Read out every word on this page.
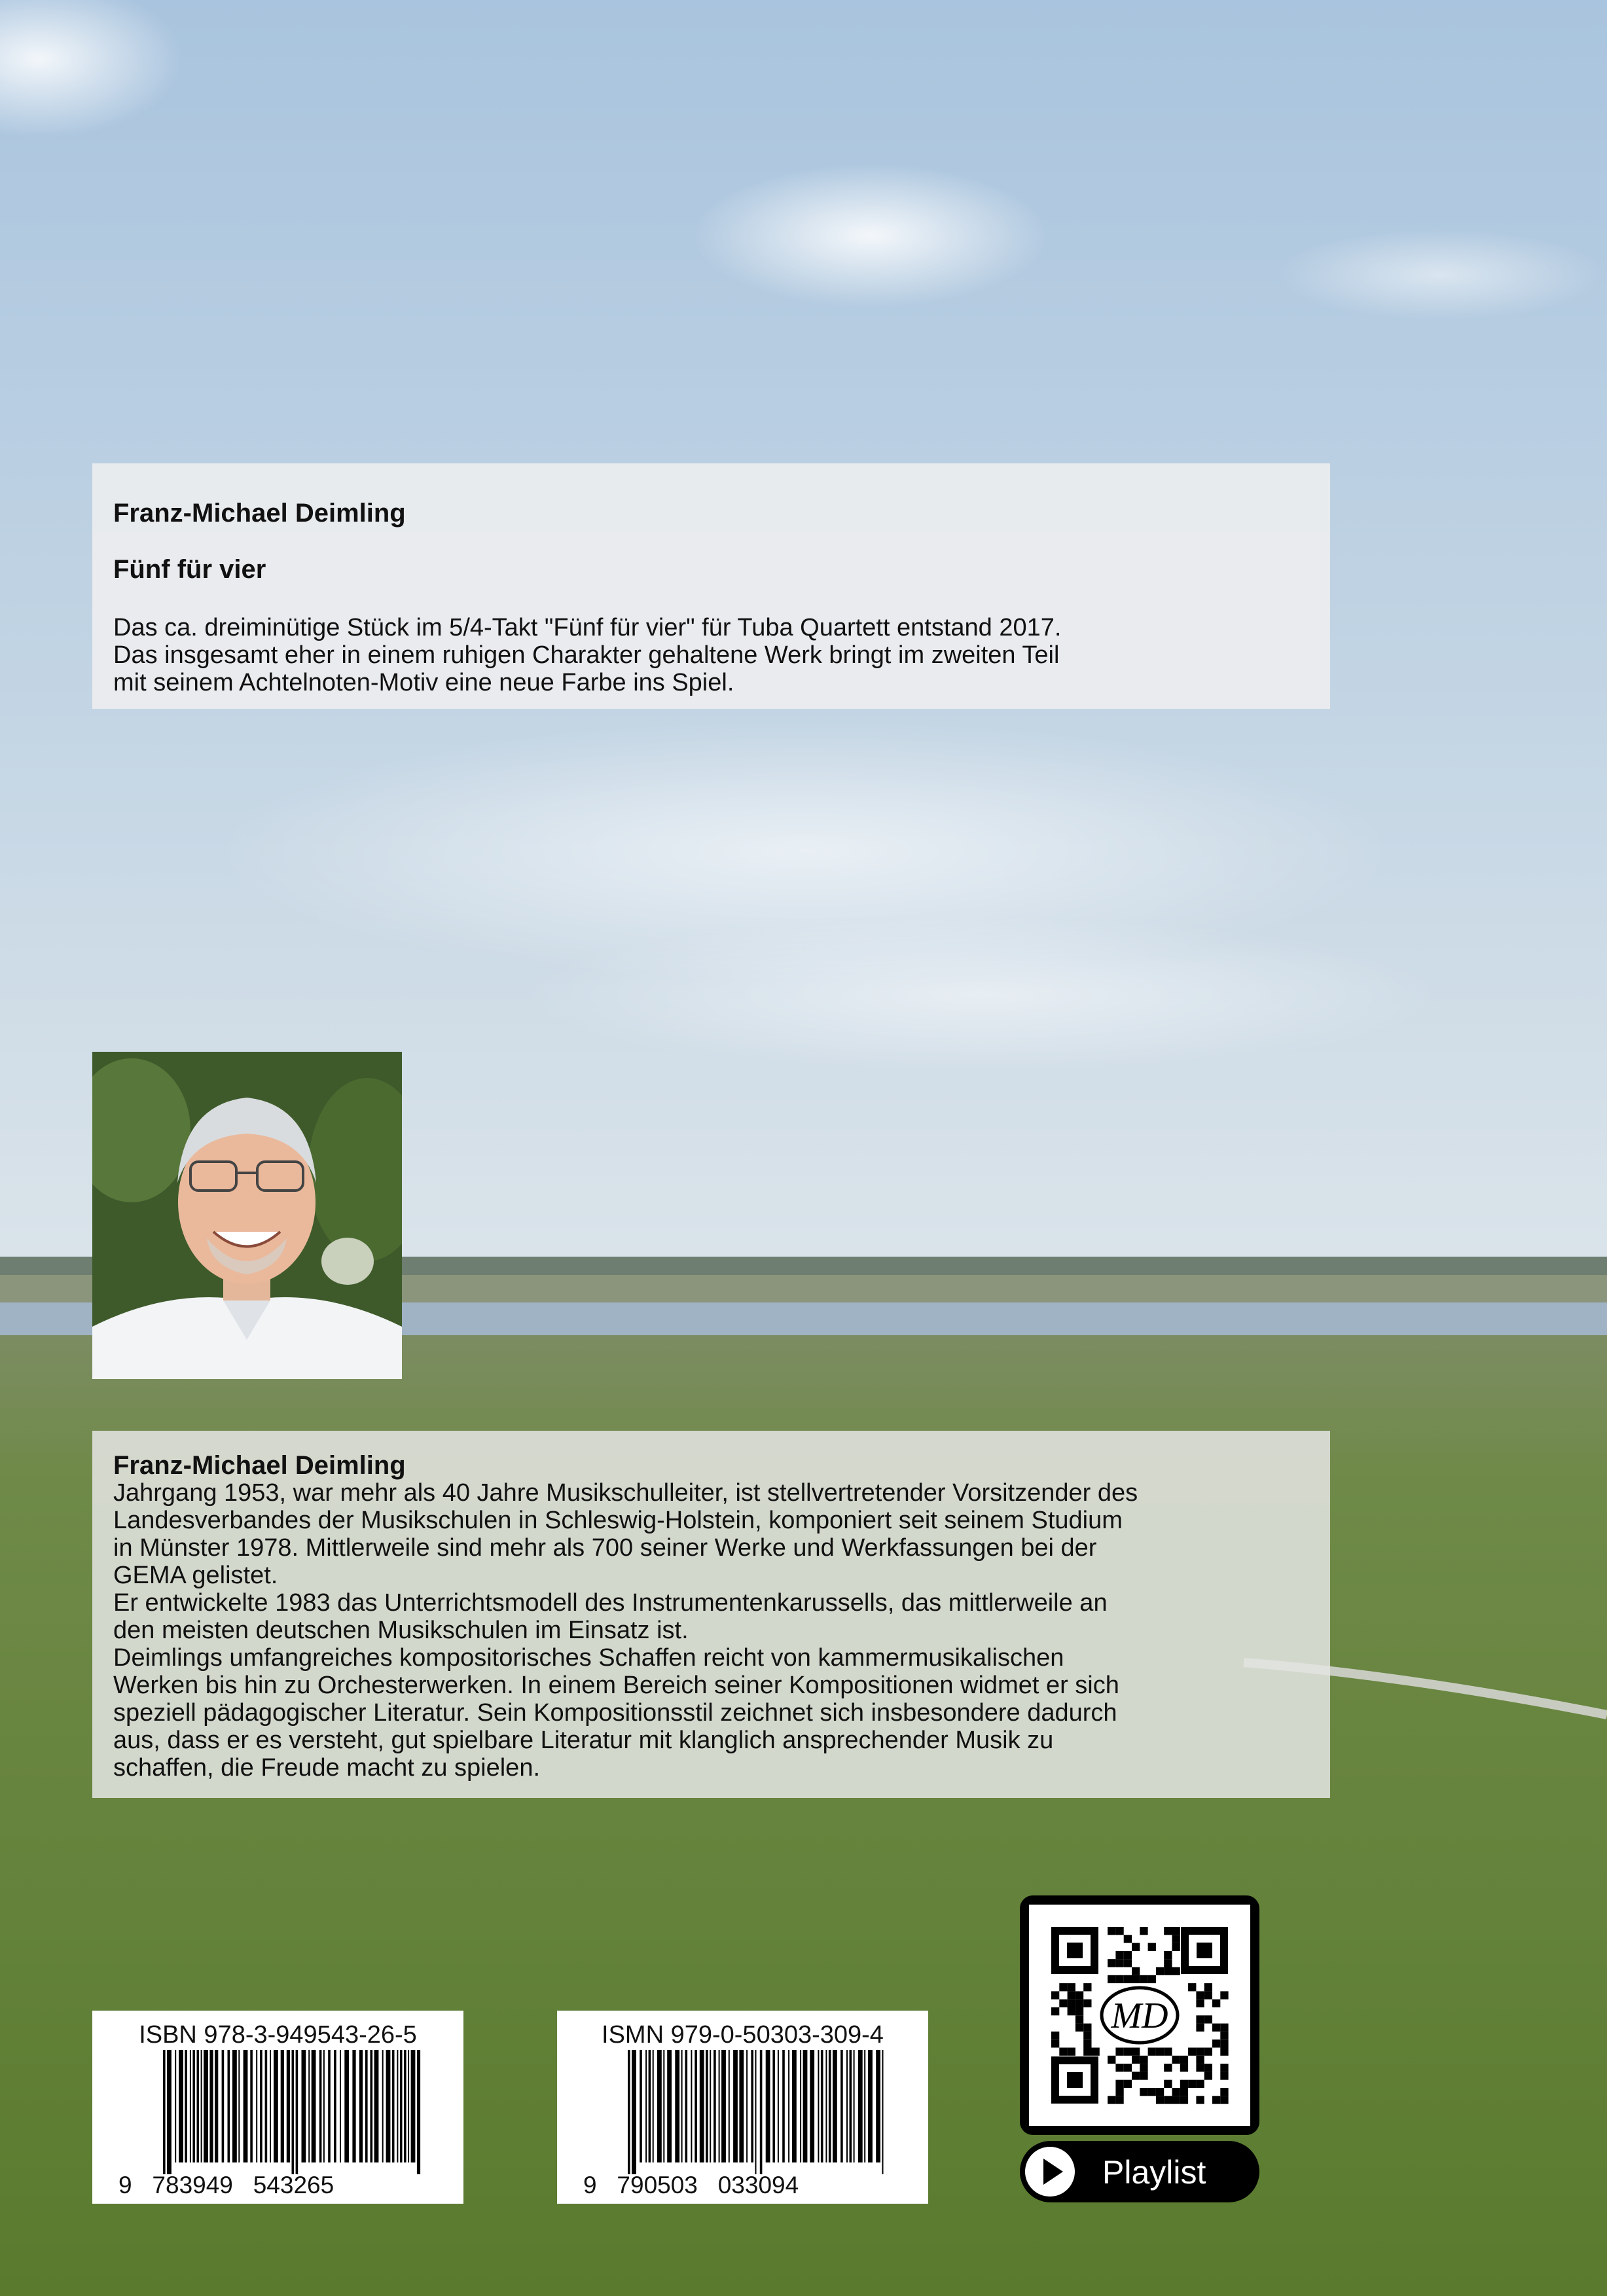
Franz-Michael Deimling
Fünf für vier
Das ca. dreiminütige Stück im 5/4-Takt "Fünf für vier" für Tuba Quartett entstand 2017.
Das insgesamt eher in einem ruhigen Charakter gehaltene Werk bringt im zweiten Teil
mit seinem Achtelnoten-Motiv eine neue Farbe ins Spiel.
Franz-Michael Deimling

Jahrgang 1953, war mehr als 40 Jahre Musikschulleiter, ist stellvertretender Vorsitzender des

Landesverbandes der Musikschulen in Schleswig-Holstein, komponiert seit seinem Studium

in Münster 1978. Mittlerweile sind mehr als 700 seiner Werke und Werkfassungen bei der

GEMA gelistet.

Er entwickelte 1983 das Unterrichtsmodell des Instrumentenkarussells, das mittlerweile an

den meisten deutschen Musikschulen im Einsatz ist.

Deimlings umfangreiches kompositorisches Schaffen reicht von kammermusikalischen

Werken bis hin zu Orchesterwerken. In einem Bereich seiner Kompositionen widmet er sich

speziell pädagogischer Literatur. Sein Kompositionsstil zeichnet sich insbesondere dadurch

aus, dass er es versteht, gut spielbare Literatur mit klanglich ansprechender Musik zu

schaffen, die Freude macht zu spielen.

ISBN 978-3-949543-26-5
9   783949   543265
ISMN 979-0-50303-309-4
9   790503   033094
MD
Playlist
